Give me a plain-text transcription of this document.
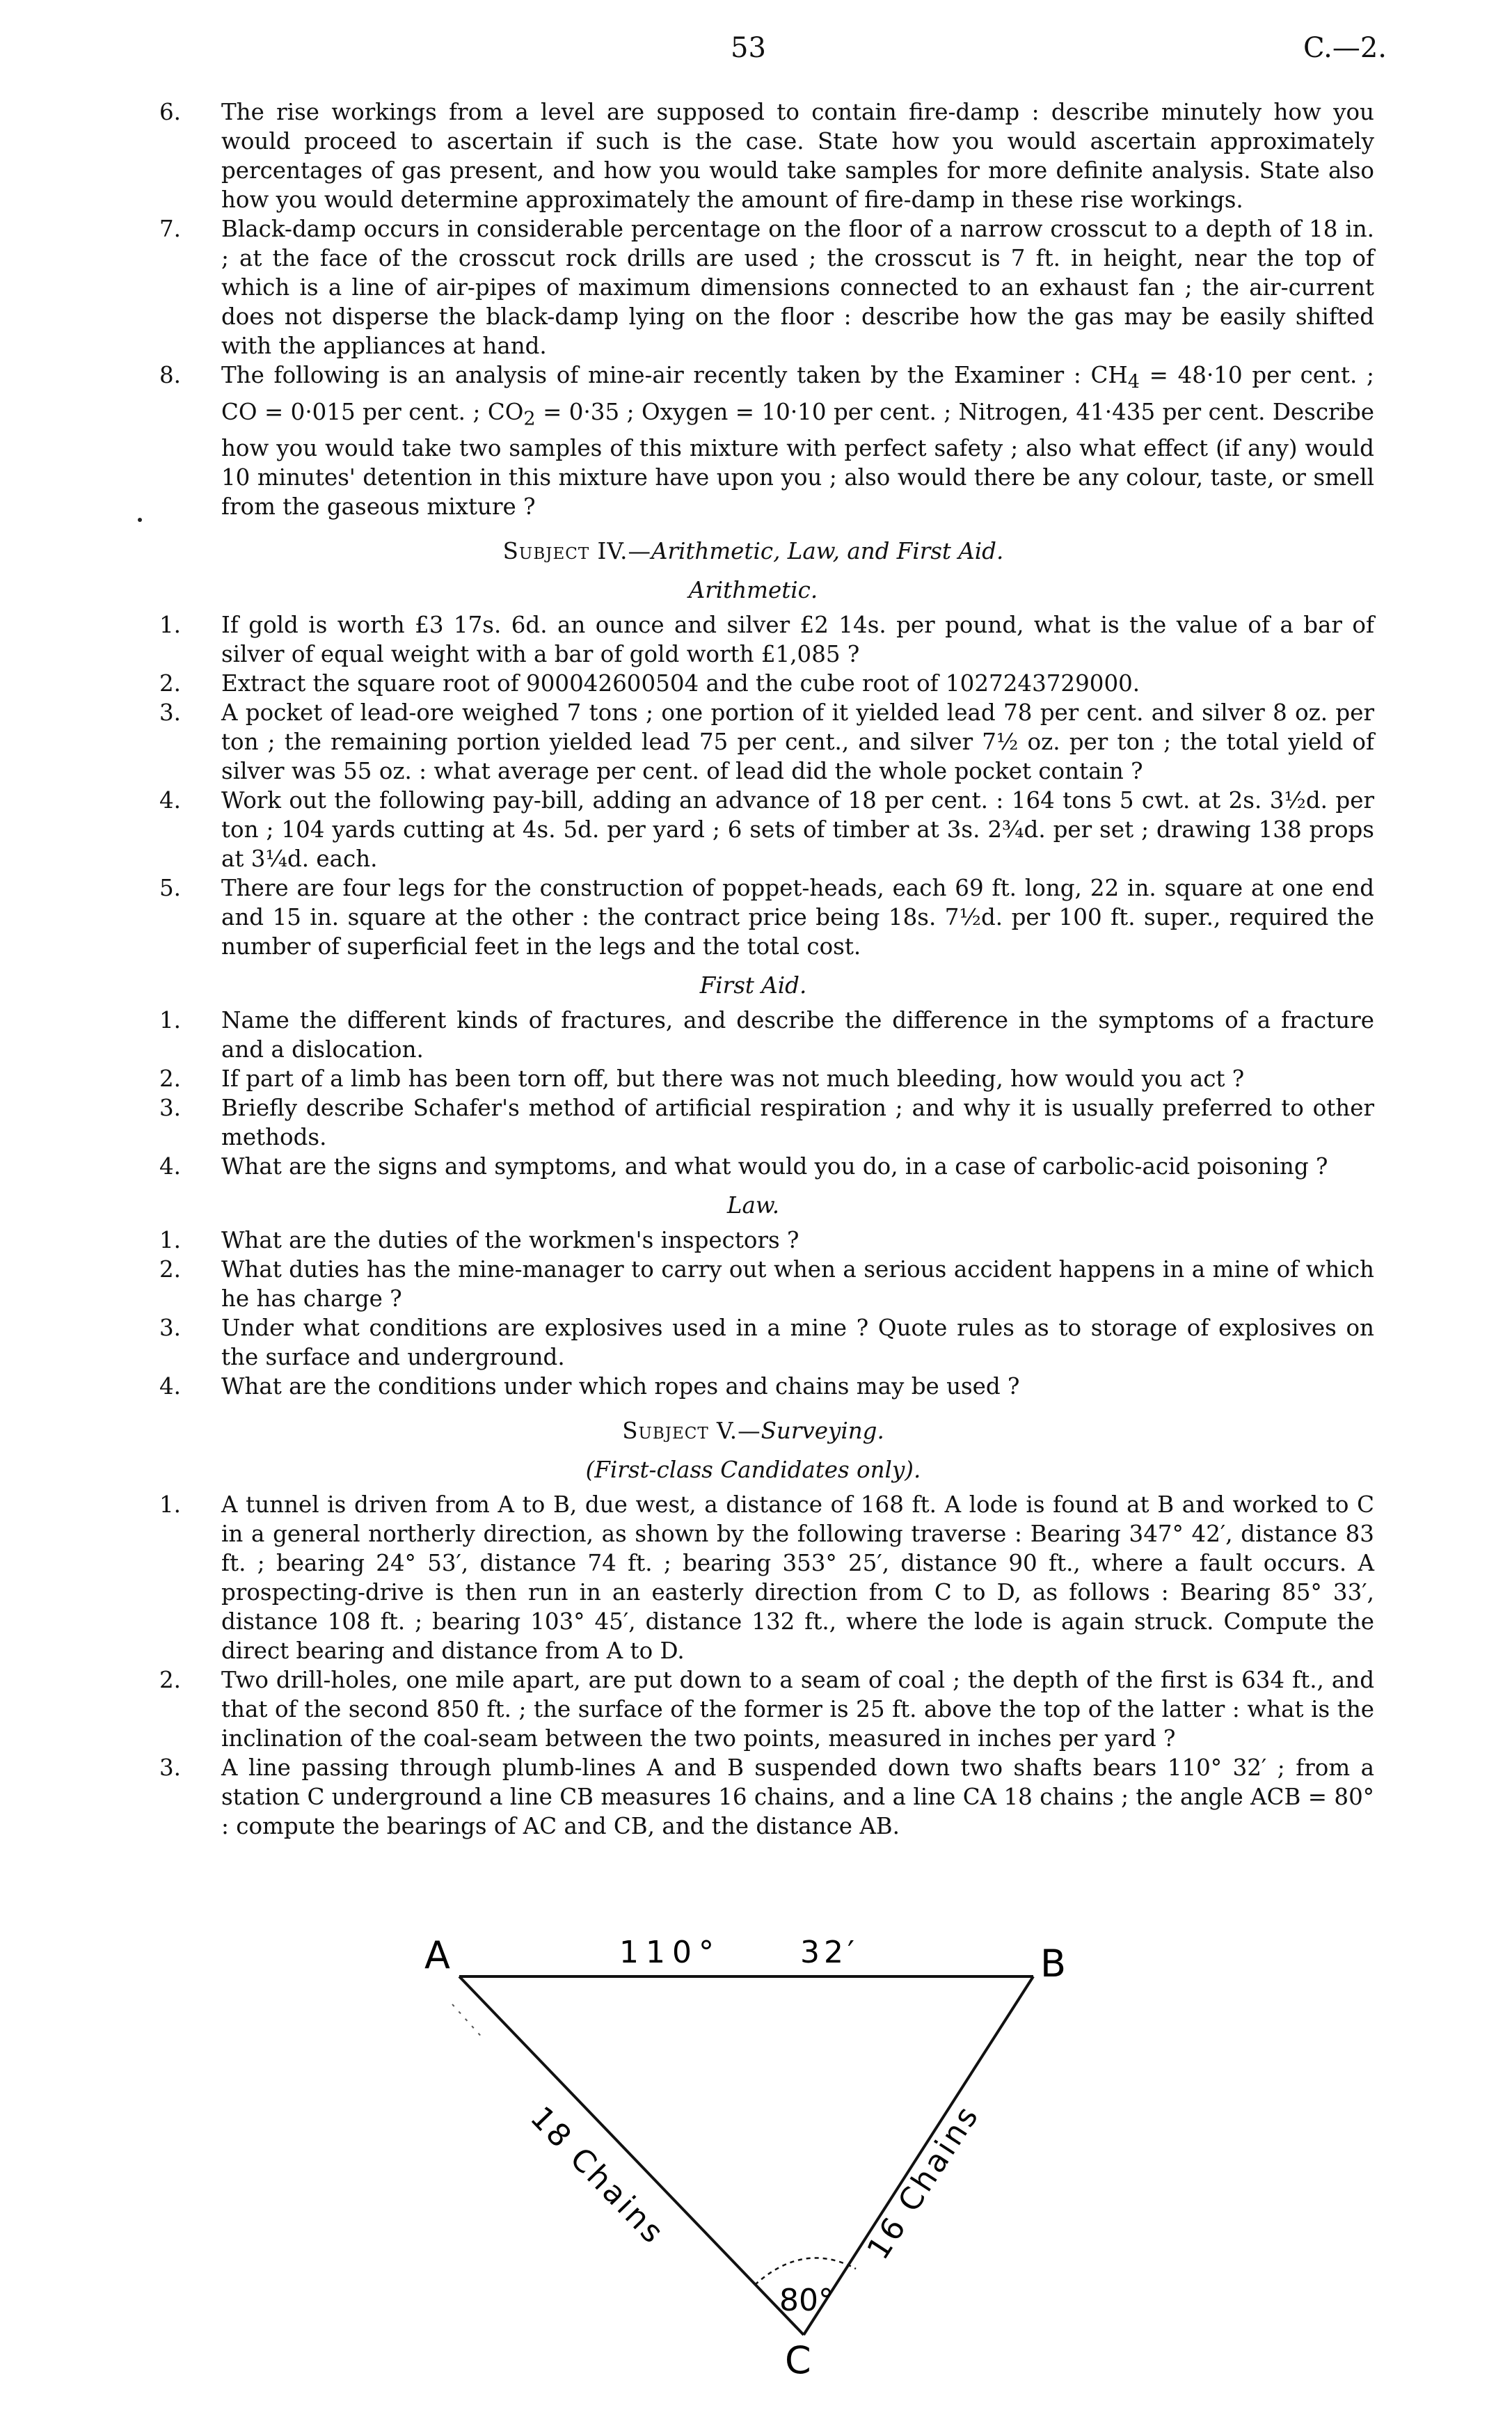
53	C.—2.

6. The rise workings from a level are supposed to contain fire-damp : describe minutely how you would proceed to ascertain if such is the case. State how you would ascertain approximately percentages of gas present, and how you would take samples for more definite analysis. State also how you would determine approximately the amount of fire-damp in these rise workings.

7. Black-damp occurs in considerable percentage on the floor of a narrow crosscut to a depth of 18 in. ; at the face of the crosscut rock drills are used ; the crosscut is 7 ft. in height, near the top of which is a line of air-pipes of maximum dimensions connected to an exhaust fan ; the air-current does not disperse the black-damp lying on the floor : describe how the gas may be easily shifted with the appliances at hand.

8. The following is an analysis of mine-air recently taken by the Examiner : $CH_4 = 48\cdot 10$ per cent. ; CO = 0·015 per cent. ; $CO_2 = 0\cdot 35$ ; Oxygen = 10·10 per cent. ; Nitrogen, 41·435 per cent. Describe how you would take two samples of this mixture with perfect safety ; also what effect (if any) would 10 minutes' detention in this mixture have upon you ; also would there be any colour, taste, or smell from the gaseous mixture ?

Subject IV.—Arithmetic, Law, and First Aid.
Arithmetic.

1. If gold is worth £3 17s. 6d. an ounce and silver £2 14s. per pound, what is the value of a bar of silver of equal weight with a bar of gold worth £1,085 ?

2. Extract the square root of 900042600504 and the cube root of 1027243729000.

3. A pocket of lead-ore weighed 7 tons ; one portion of it yielded lead 78 per cent. and silver 8 oz. per ton ; the remaining portion yielded lead 75 per cent., and silver 7½ oz. per ton ; the total yield of silver was 55 oz. : what average per cent. of lead did the whole pocket contain ?

4. Work out the following pay-bill, adding an advance of 18 per cent. : 164 tons 5 cwt. at 2s. 3½d. per ton ; 104 yards cutting at 4s. 5d. per yard ; 6 sets of timber at 3s. 2¾d. per set ; drawing 138 props at 3¼d. each.

5. There are four legs for the construction of poppet-heads, each 69 ft. long, 22 in. square at one end and 15 in. square at the other : the contract price being 18s. 7½d. per 100 ft. super., required the number of superficial feet in the legs and the total cost.

First Aid.

1. Name the different kinds of fractures, and describe the difference in the symptoms of a fracture and a dislocation.

2. If part of a limb has been torn off, but there was not much bleeding, how would you act ?

3. Briefly describe Schafer's method of artificial respiration ; and why it is usually preferred to other methods.

4. What are the signs and symptoms, and what would you do, in a case of carbolic-acid poisoning ?

Law.

1. What are the duties of the workmen's inspectors ?

2. What duties has the mine-manager to carry out when a serious accident happens in a mine of which he has charge ?

3. Under what conditions are explosives used in a mine ? Quote rules as to storage of explosives on the surface and underground.

4. What are the conditions under which ropes and chains may be used ?

Subject V.—Surveying.
(First-class Candidates only).

1. A tunnel is driven from A to B, due west, a distance of 168 ft. A lode is found at B and worked to C in a general northerly direction, as shown by the following traverse : Bearing 347° 42′, distance 83 ft. ; bearing 24° 53′, distance 74 ft. ; bearing 353° 25′, distance 90 ft., where a fault occurs. A prospecting-drive is then run in an easterly direction from C to D, as follows : Bearing 85° 33′, distance 108 ft. ; bearing 103° 45′, distance 132 ft., where the lode is again struck. Compute the direct bearing and distance from A to D.

2. Two drill-holes, one mile apart, are put down to a seam of coal ; the depth of the first is 634 ft., and that of the second 850 ft. ; the surface of the former is 25 ft. above the top of the latter : what is the inclination of the coal-seam between the two points, measured in inches per yard ?

3. A line passing through plumb-lines A and B suspended down two shafts bears 110° 32′ ; from a station C underground a line CB measures 16 chains, and a line CA 18 chains ; the angle ACB = 80° : compute the bearings of AC and CB, and the distance AB.

A	B
C
110°	32′
18 Chains	16 Chains
80°
